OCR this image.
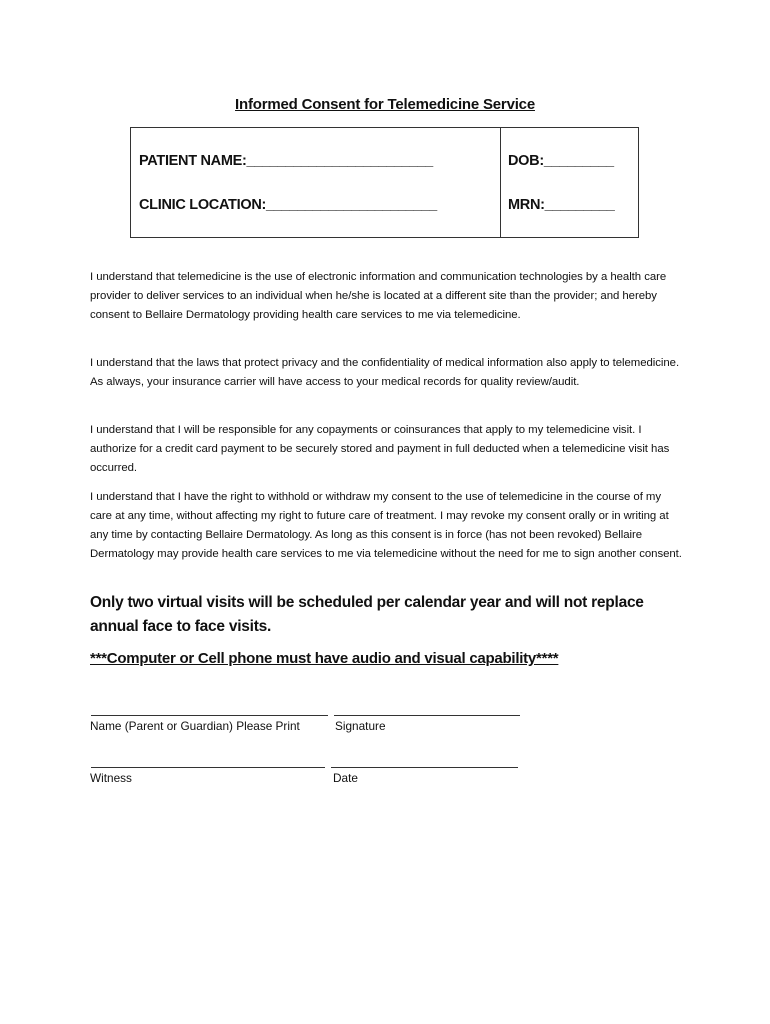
Informed Consent for Telemedicine Service
PATIENT NAME:________________________
CLINIC LOCATION:______________________
DOB:_________
MRN:_________

I understand that telemedicine is the use of electronic information and communication technologies by a health care provider to deliver services to an individual when he/she is located at a different site than the provider; and hereby consent to Bellaire Dermatology providing health care services to me via telemedicine.

I understand that the laws that protect privacy and the confidentiality of medical information also apply to telemedicine. As always, your insurance carrier will have access to your medical records for quality review/audit.

I understand that I will be responsible for any copayments or coinsurances that apply to my telemedicine visit. I authorize for a credit card payment to be securely stored and payment in full deducted when a telemedicine visit has occurred.

I understand that I have the right to withhold or withdraw my consent to the use of telemedicine in the course of my care at any time, without affecting my right to future care of treatment. I may revoke my consent orally or in writing at any time by contacting Bellaire Dermatology. As long as this consent is in force (has not been revoked) Bellaire Dermatology may provide health care services to me via telemedicine without the need for me to sign another consent.

Only two virtual visits will be scheduled per calendar year and will not replace annual face to face visits.

***Computer or Cell phone must have audio and visual capability****
Name (Parent or Guardian) Please Print	Signature
Witness	Date
